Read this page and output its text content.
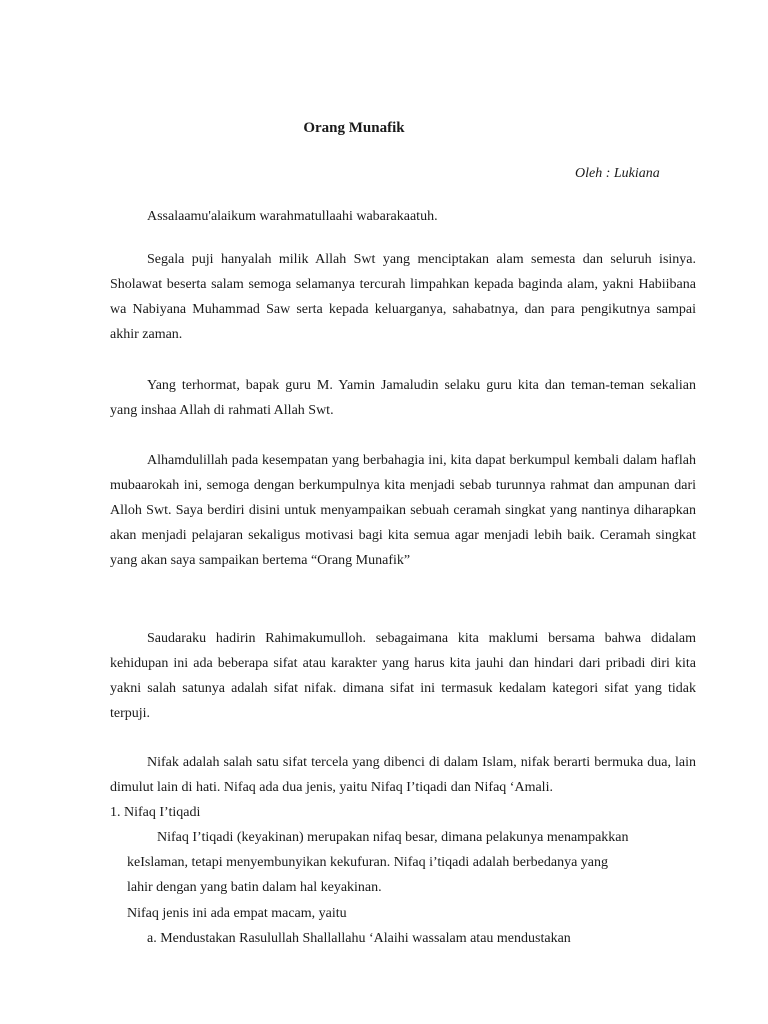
Orang Munafik
Oleh : Lukiana
Assalaamu'alaikum warahmatullaahi wabarakaatuh.
Segala puji hanyalah milik Allah Swt yang menciptakan alam semesta dan seluruh isinya. Sholawat beserta salam semoga selamanya tercurah limpahkan kepada baginda alam, yakni Habiibana wa Nabiyana Muhammad Saw serta kepada keluarganya, sahabatnya, dan para pengikutnya sampai akhir zaman.
Yang terhormat, bapak guru M. Yamin Jamaludin selaku guru kita dan teman-teman sekalian yang inshaa Allah di rahmati Allah Swt.
Alhamdulillah pada kesempatan yang berbahagia ini, kita dapat berkumpul kembali dalam haflah mubaarokah ini, semoga dengan berkumpulnya kita menjadi sebab turunnya rahmat dan ampunan dari Alloh Swt. Saya berdiri disini untuk menyampaikan sebuah ceramah singkat yang nantinya diharapkan akan menjadi pelajaran sekaligus motivasi bagi kita semua agar menjadi lebih baik. Ceramah singkat yang akan saya sampaikan bertema “Orang Munafik”
Saudaraku hadirin Rahimakumulloh. sebagaimana kita maklumi bersama bahwa didalam kehidupan ini ada beberapa sifat atau karakter yang harus kita jauhi dan hindari dari pribadi diri kita yakni salah satunya adalah sifat nifak. dimana sifat ini termasuk kedalam kategori sifat yang tidak terpuji.
Nifak adalah salah satu sifat tercela yang dibenci di dalam Islam, nifak berarti bermuka dua, lain dimulut lain di hati. Nifaq ada dua jenis, yaitu Nifaq I’tiqadi dan Nifaq ‘Amali.
1. Nifaq I’tiqadi
Nifaq I’tiqadi (keyakinan) merupakan nifaq besar, dimana pelakunya menampakkan
keIslaman, tetapi menyembunyikan kekufuran. Nifaq i’tiqadi adalah berbedanya yang
lahir dengan yang batin dalam hal keyakinan.
Nifaq jenis ini ada empat macam, yaitu
a. Mendustakan Rasulullah Shallallahu ‘Alaihi wassalam atau mendustakan
